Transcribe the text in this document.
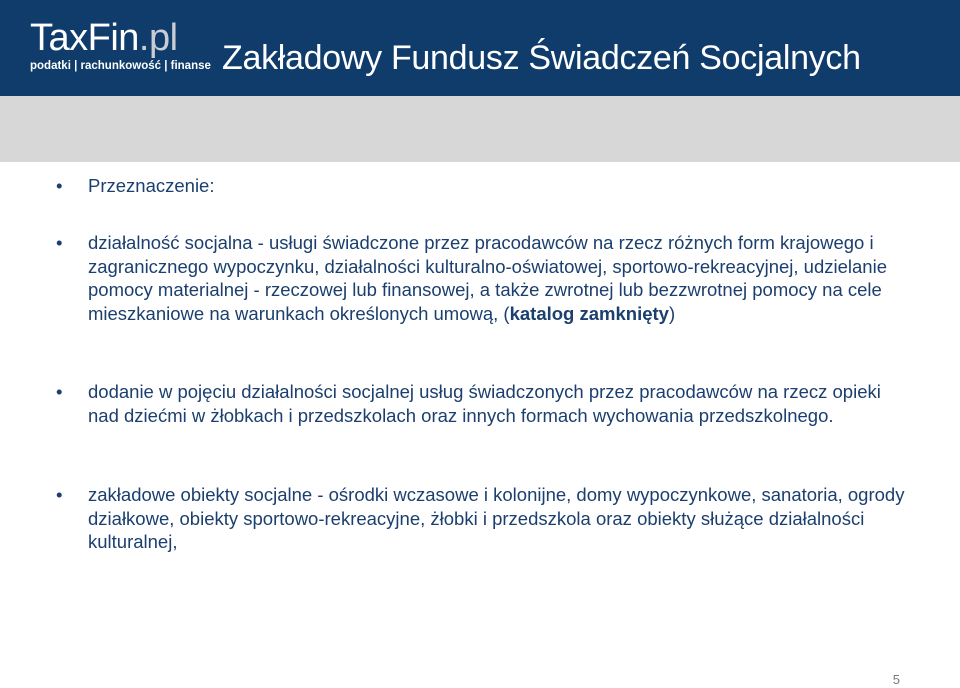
TaxFin.pl
podatki | rachunkowość | finanse Zakładowy Fundusz Świadczeń Socjalnych
• Przeznaczenie:
• działalność socjalna - usługi świadczone przez pracodawców na rzecz różnych form krajowego i zagranicznego wypoczynku, działalności kulturalno-oświatowej, sportowo-rekreacyjnej, udzielanie pomocy materialnej - rzeczowej lub finansowej, a także zwrotnej lub bezzwrotnej pomocy na cele mieszkaniowe na warunkach określonych umową, (katalog zamknięty)
• dodanie w pojęciu działalności socjalnej usług świadczonych przez pracodawców na rzecz opieki nad dziećmi w żłobkach i przedszkolach oraz innych formach wychowania przedszkolnego.
• zakładowe obiekty socjalne - ośrodki wczasowe i kolonijne, domy wypoczynkowe, sanatoria, ogrody działkowe, obiekty sportowo-rekreacyjne, żłobki i przedszkola oraz obiekty służące działalności kulturalnej,
5
